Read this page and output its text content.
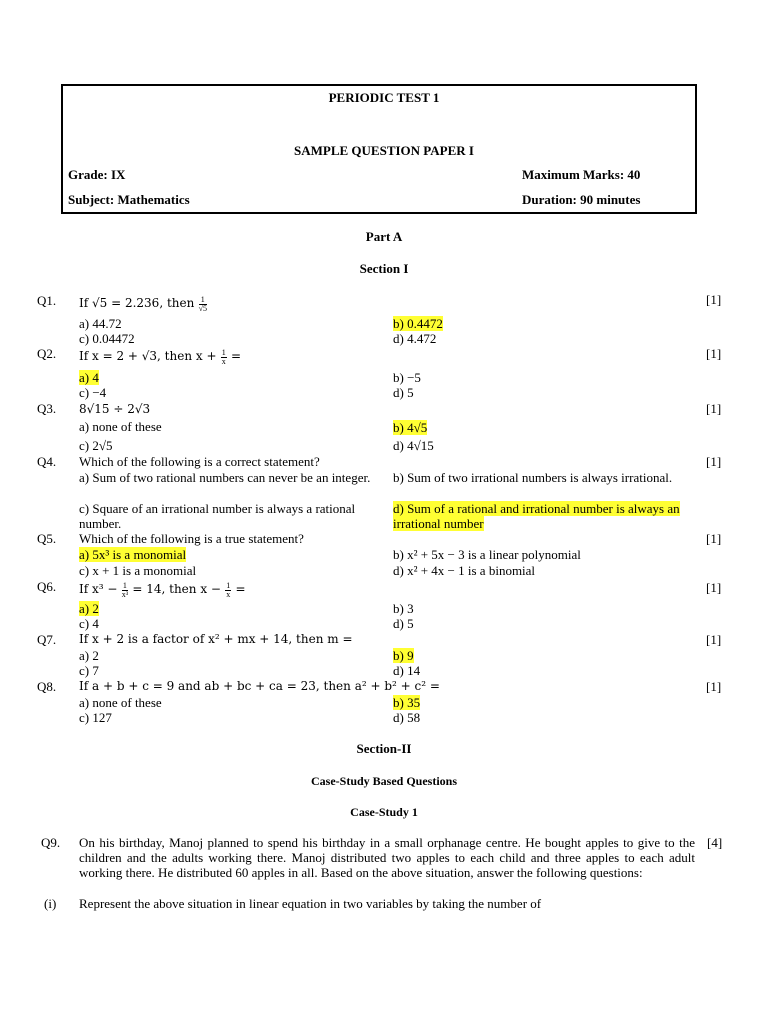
PERIODIC TEST 1
SAMPLE QUESTION PAPER I
Grade: IX	Maximum Marks: 40
Subject: Mathematics	Duration: 90 minutes
Part A
Section I
Q1. If √5 = 2.236, then $\frac{1}{√5}$	[1]
a) 44.72	b) 0.4472
c) 0.04472	d) 4.472
Q2. If x = 2 + √3, then $x + \frac{1}{x}$ =	[1]
a) 4	b) −5
c) −4	d) 5
Q3. 8√15 ÷ 2√3	[1]
a) none of these	b) 4√5
c) 2√5	d) 4√15
Q4. Which of the following is a correct statement?	[1]
a) Sum of two rational numbers can never be an integer.	b) Sum of two irrational numbers is always irrational.
c) Square of an irrational number is always a rational number.
d) Sum of a rational and irrational number is always an irrational number
Q5. Which of the following is a true statement?	[1]
a) 5x³ is a monomial	b) x² + 5x − 3 is a linear polynomial
c) x + 1 is a monomial	d) x² + 4x − 1 is a binomial
Q6. If $x^3 - \frac{1}{\text{x³}} = 14$, then $x - \frac{1}{x}$ =	[1]
a) 2	b) 3
c) 4	d) 5
Q7. If x + 2 is a factor of x² + mx + 14, then m =	[1]
a) 2	b) 9
c) 7	d) 14
Q8. If a + b + c = 9 and ab + bc + ca = 23, then a² + b² + c² =	[1]
a) none of these	b) 35
c) 127	d) 58
Section-II
Case-Study Based Questions
Case-Study 1
Q9. On his birthday, Manoj planned to spend his birthday in a small orphanage centre. He bought apples to give to the children and the adults working there. Manoj distributed two apples to each child and three apples to each adult working there. He distributed 60 apples in all. Based on the above situation, answer the following questions:
[4]
(i) Represent the above situation in linear equation in two variables by taking the number of
